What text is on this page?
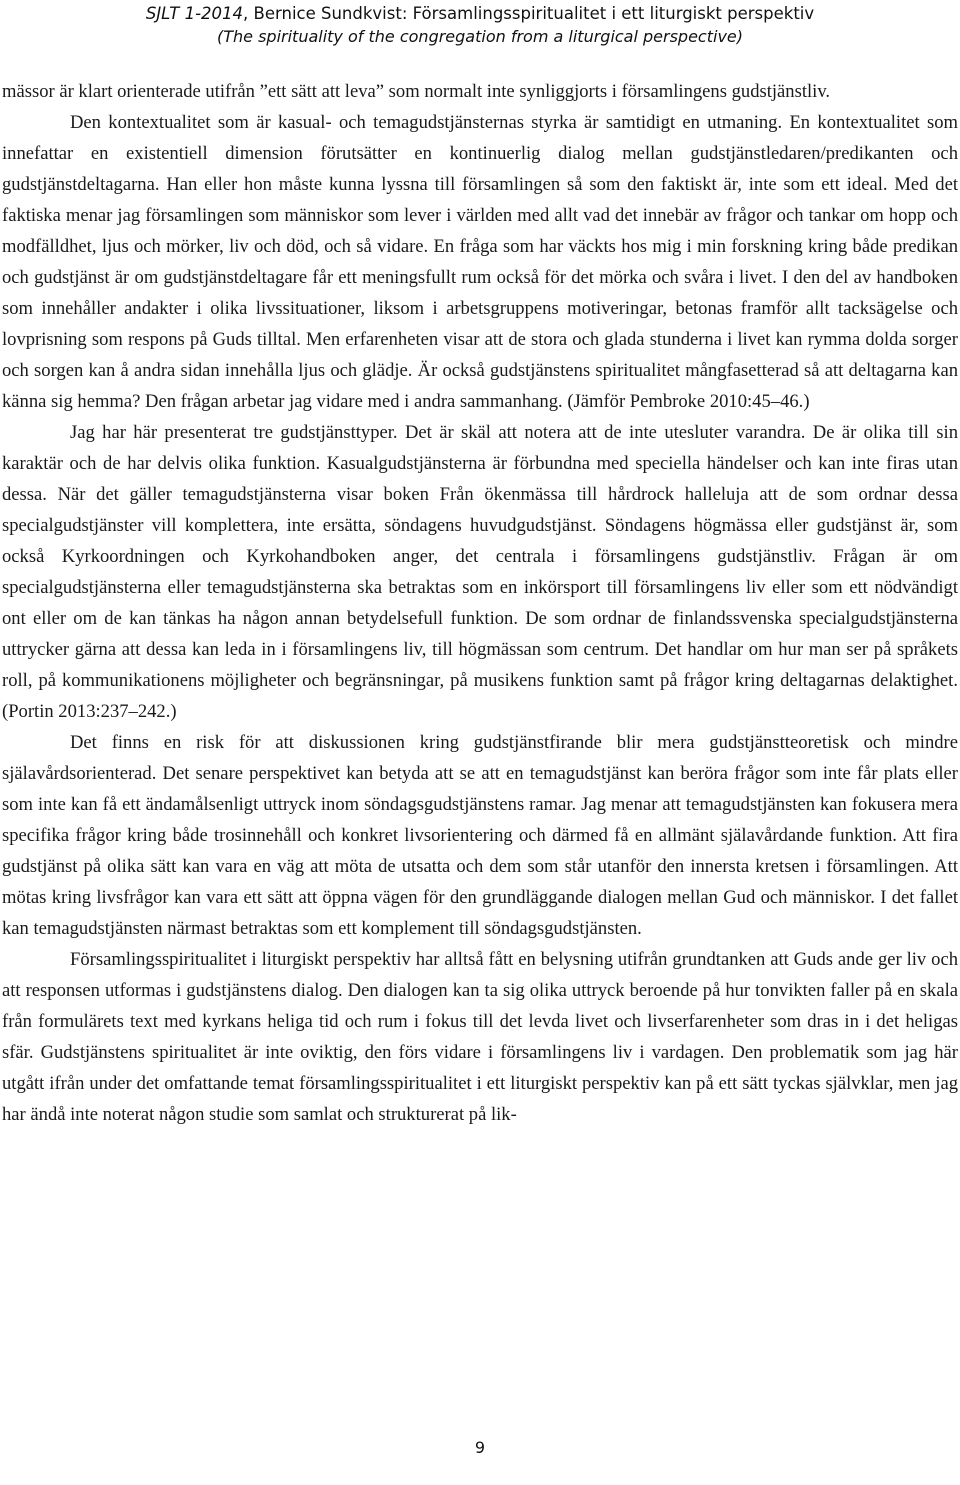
SJLT 1-2014, Bernice Sundkvist: Församlingsspiritualitet i ett liturgiskt perspektiv
(The spirituality of the congregation from a liturgical perspective)

mässor är klart orienterade utifrån ”ett sätt att leva” som normalt inte synliggjorts i församlingens gudstjänstliv.

Den kontextualitet som är kasual- och temagudstjänsternas styrka är samtidigt en utmaning. En kontextualitet som innefattar en existentiell dimension förutsätter en kontinuerlig dialog mellan gudstjänstledaren/predikanten och gudstjänstdeltagarna. Han eller hon måste kunna lyssna till församlingen så som den faktiskt är, inte som ett ideal. Med det faktiska menar jag församlingen som människor som lever i världen med allt vad det innebär av frågor och tankar om hopp och modfälldhet, ljus och mörker, liv och död, och så vidare. En fråga som har väckts hos mig i min forskning kring både predikan och gudstjänst är om gudstjänstdeltagare får ett meningsfullt rum också för det mörka och svåra i livet. I den del av handboken som innehåller andakter i olika livssituationer, liksom i arbetsgruppens motiveringar, betonas framför allt tacksägelse och lovprisning som respons på Guds tilltal. Men erfarenheten visar att de stora och glada stunderna i livet kan rymma dolda sorger och sorgen kan å andra sidan innehålla ljus och glädje. Är också gudstjänstens spiritualitet mångfasetterad så att deltagarna kan känna sig hemma? Den frågan arbetar jag vidare med i andra sammanhang. (Jämför Pembroke 2010:45–46.)

Jag har här presenterat tre gudstjänsttyper. Det är skäl att notera att de inte utesluter varandra. De är olika till sin karaktär och de har delvis olika funktion. Kasualgudstjänsterna är förbundna med speciella händelser och kan inte firas utan dessa. När det gäller temagudstjänsterna visar boken Från ökenmässa till hårdrock halleluja att de som ordnar dessa specialgudstjänster vill komplettera, inte ersätta, söndagens huvudgudstjänst. Söndagens högmässa eller gudstjänst är, som också Kyrkoordningen och Kyrkohandboken anger, det centrala i församlingens gudstjänstliv. Frågan är om specialgudstjänsterna eller temagudstjänsterna ska betraktas som en inkörsport till församlingens liv eller som ett nödvändigt ont eller om de kan tänkas ha någon annan betydelsefull funktion. De som ordnar de finlandssvenska specialgudstjänsterna uttrycker gärna att dessa kan leda in i församlingens liv, till högmässan som centrum. Det handlar om hur man ser på språkets roll, på kommunikationens möjligheter och begränsningar, på musikens funktion samt på frågor kring deltagarnas delaktighet. (Portin 2013:237–242.)

Det finns en risk för att diskussionen kring gudstjänstfirande blir mera gudstjänstteoretisk och mindre själavårdsorienterad. Det senare perspektivet kan betyda att se att en temagudstjänst kan beröra frågor som inte får plats eller som inte kan få ett ändamålsenligt uttryck inom söndagsgudstjänstens ramar. Jag menar att temagudstjänsten kan fokusera mera specifika frågor kring både trosinnehåll och konkret livsorientering och därmed få en allmänt själavårdande funktion. Att fira gudstjänst på olika sätt kan vara en väg att möta de utsatta och dem som står utanför den innersta kretsen i församlingen. Att mötas kring livsfrågor kan vara ett sätt att öppna vägen för den grundläggande dialogen mellan Gud och människor. I det fallet kan temagudstjänsten närmast betraktas som ett komplement till söndagsgudstjänsten.

Församlingsspiritualitet i liturgiskt perspektiv har alltså fått en belysning utifrån grundtanken att Guds ande ger liv och att responsen utformas i gudstjänstens dialog. Den dialogen kan ta sig olika uttryck beroende på hur tonvikten faller på en skala från formulärets text med kyrkans heliga tid och rum i fokus till det levda livet och livserfarenheter som dras in i det heligas sfär. Gudstjänstens spiritualitet är inte oviktig, den förs vidare i församlingens liv i vardagen. Den problematik som jag här utgått ifrån under det omfattande temat församlingsspiritualitet i ett liturgiskt perspektiv kan på ett sätt tyckas självklar, men jag har ändå inte noterat någon studie som samlat och strukturerat på lik-

9
